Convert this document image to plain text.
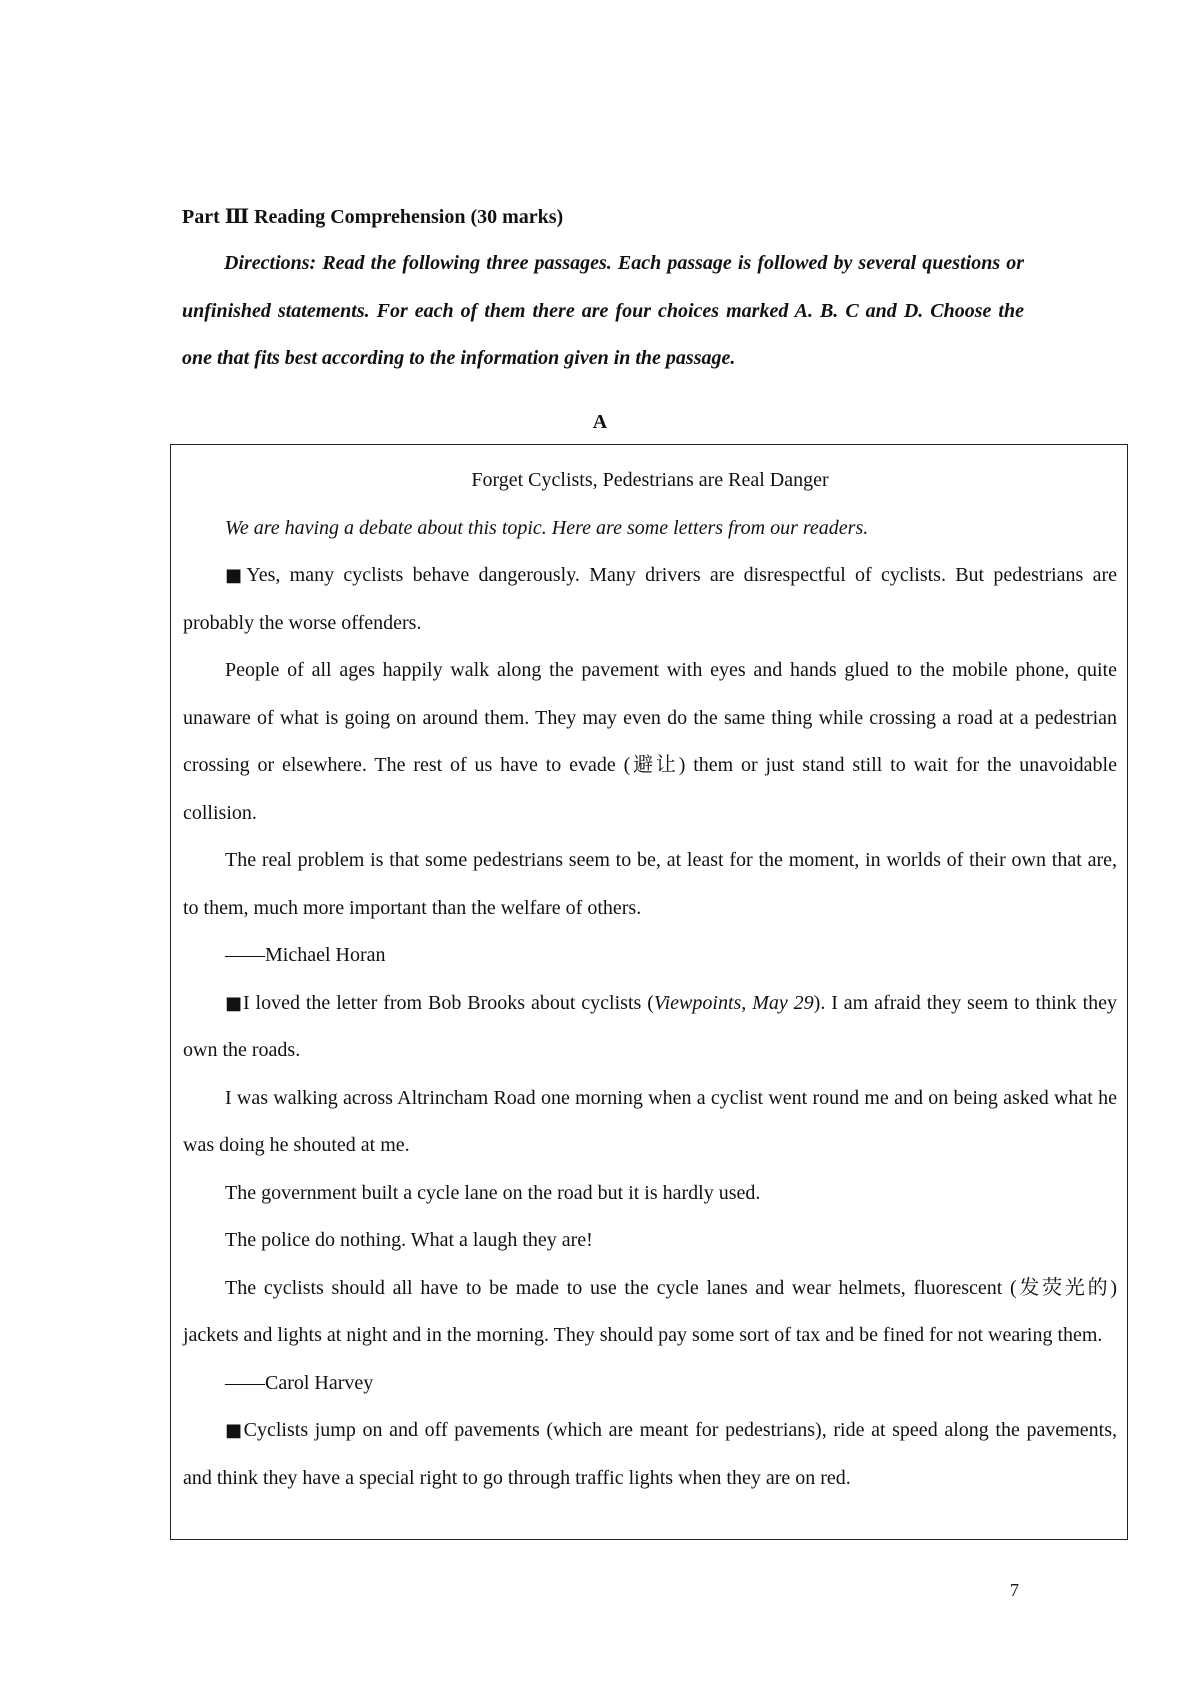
Part Ⅲ Reading Comprehension (30 marks)

Directions: Read the following three passages. Each passage is followed by several questions or unfinished statements. For each of them there are four choices marked A. B. C and D. Choose the one that fits best according to the information given in the passage.

A

Forget Cyclists, Pedestrians are Real Danger

We are having a debate about this topic. Here are some letters from our readers.

■Yes, many cyclists behave dangerously. Many drivers are disrespectful of cyclists. But pedestrians are probably the worse offenders.

People of all ages happily walk along the pavement with eyes and hands glued to the mobile phone, quite unaware of what is going on around them. They may even do the same thing while crossing a road at a pedestrian crossing or elsewhere. The rest of us have to evade (避让) them or just stand still to wait for the unavoidable collision.

The real problem is that some pedestrians seem to be, at least for the moment, in worlds of their own that are, to them, much more important than the welfare of others.

——Michael Horan

■I loved the letter from Bob Brooks about cyclists (Viewpoints, May 29). I am afraid they seem to think they own the roads.

I was walking across Altrincham Road one morning when a cyclist went round me and on being asked what he was doing he shouted at me.

The government built a cycle lane on the road but it is hardly used.

The police do nothing. What a laugh they are!

The cyclists should all have to be made to use the cycle lanes and wear helmets, fluorescent (发荧光的) jackets and lights at night and in the morning. They should pay some sort of tax and be fined for not wearing them.

——Carol Harvey

■Cyclists jump on and off pavements (which are meant for pedestrians), ride at speed along the pavements, and think they have a special right to go through traffic lights when they are on red.

7
